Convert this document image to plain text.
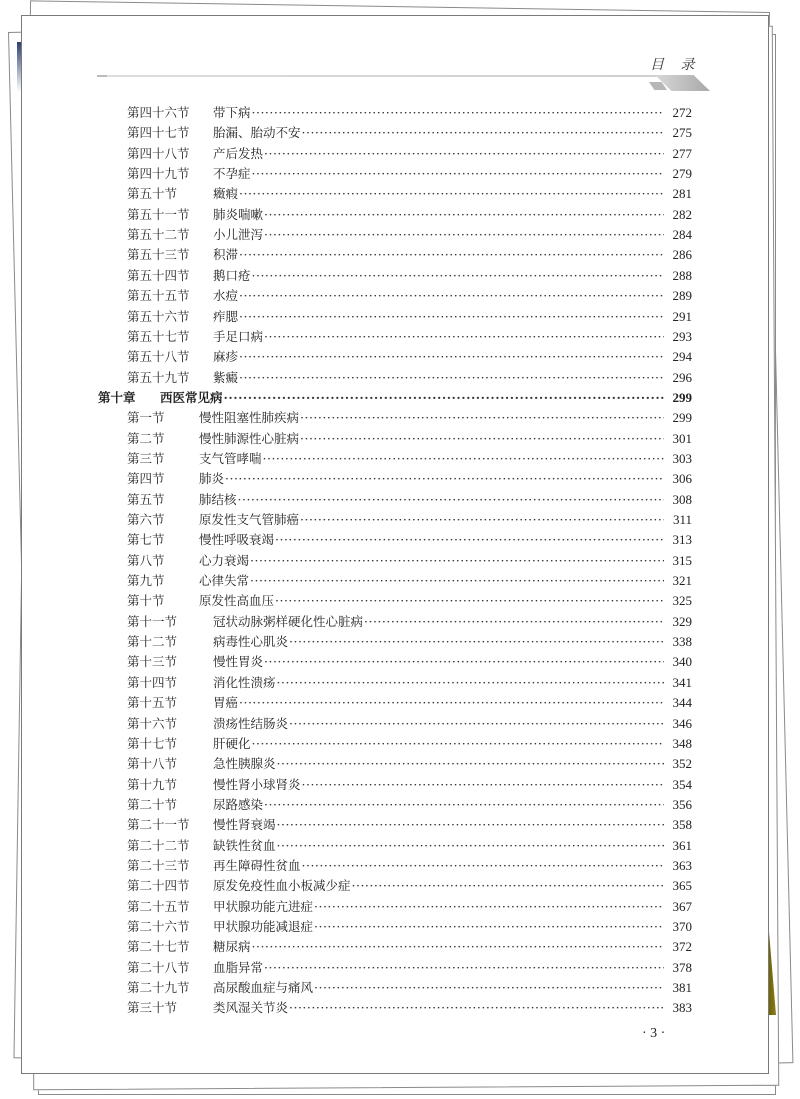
目 录
第四十六节	带下病 ·····	272
第四十七节	胎漏、胎动不安 ·····	275
第四十八节	产后发热 ·····	277
第四十九节	不孕症 ·····	279
第五十节	癥瘕 ·····	281
第五十一节	肺炎喘嗽 ·····	282
第五十二节	小儿泄泻 ·····	284
第五十三节	积滞 ·····	286
第五十四节	鹅口疮 ·····	288
第五十五节	水痘 ·····	289
第五十六节	痄腮 ·····	291
第五十七节	手足口病 ·····	293
第五十八节	麻疹 ·····	294
第五十九节	紫癜 ·····	296
第十章	西医常见病 ·····	299
第一节	慢性阻塞性肺疾病 ·····	299
第二节	慢性肺源性心脏病 ·····	301
第三节	支气管哮喘 ·····	303
第四节	肺炎 ·····	306
第五节	肺结核 ·····	308
第六节	原发性支气管肺癌 ·····	311
第七节	慢性呼吸衰竭 ·····	313
第八节	心力衰竭 ·····	315
第九节	心律失常 ·····	321
第十节	原发性高血压 ·····	325
第十一节	冠状动脉粥样硬化性心脏病 ·····	329
第十二节	病毒性心肌炎 ·····	338
第十三节	慢性胃炎 ·····	340
第十四节	消化性溃疡 ·····	341
第十五节	胃癌 ·····	344
第十六节	溃疡性结肠炎 ·····	346
第十七节	肝硬化 ·····	348
第十八节	急性胰腺炎 ·····	352
第十九节	慢性肾小球肾炎 ·····	354
第二十节	尿路感染 ·····	356
第二十一节	慢性肾衰竭 ·····	358
第二十二节	缺铁性贫血 ·····	361
第二十三节	再生障碍性贫血 ·····	363
第二十四节	原发免疫性血小板减少症 ·····	365
第二十五节	甲状腺功能亢进症 ·····	367
第二十六节	甲状腺功能减退症 ·····	370
第二十七节	糖尿病 ·····	372
第二十八节	血脂异常 ·····	378
第二十九节	高尿酸血症与痛风 ·····	381
第三十节	类风湿关节炎 ·····	383
· 3 ·
